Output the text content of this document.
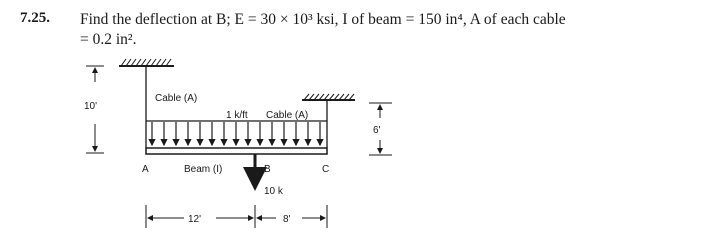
7.25. Find the deflection at B; E = 30 × 10³ ksi, I of beam = 150 in⁴, A of each cable
= 0.2 in².
Cable (A)
1 k/ft Cable (A)
A	Beam (I)	B	C
10 k
10'
6'
12'	8'
